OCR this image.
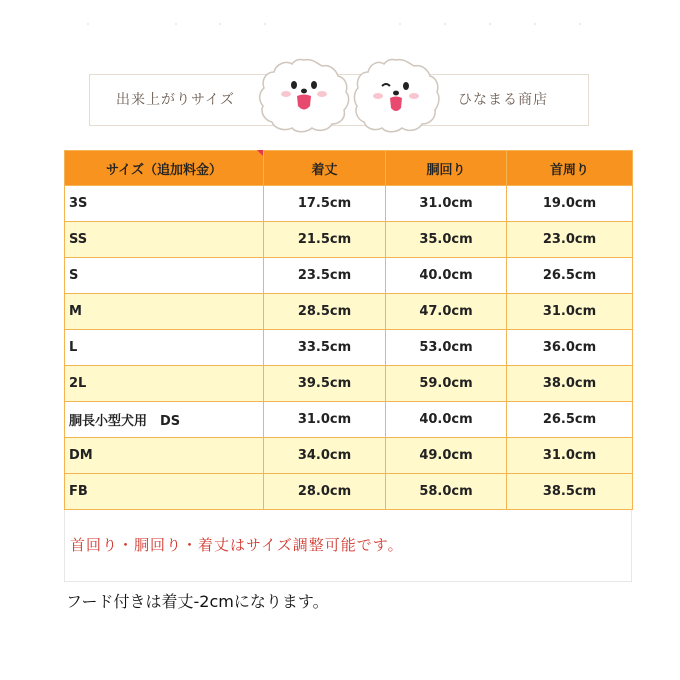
出来上がりサイズ	ひなまる商店
サイズ（追加料金）	着丈	胴回り	首周り
3S	17.5cm	31.0cm	19.0cm
SS	21.5cm	35.0cm	23.0cm
S	23.5cm	40.0cm	26.5cm
M	28.5cm	47.0cm	31.0cm
L	33.5cm	53.0cm	36.0cm
2L	39.5cm	59.0cm	38.0cm
胴長小型犬用　DS	31.0cm	40.0cm	26.5cm
DM	34.0cm	49.0cm	31.0cm
FB	28.0cm	58.0cm	38.5cm
首回り・胴回り・着丈はサイズ調整可能です。
フード付きは着丈-2cmになります。
